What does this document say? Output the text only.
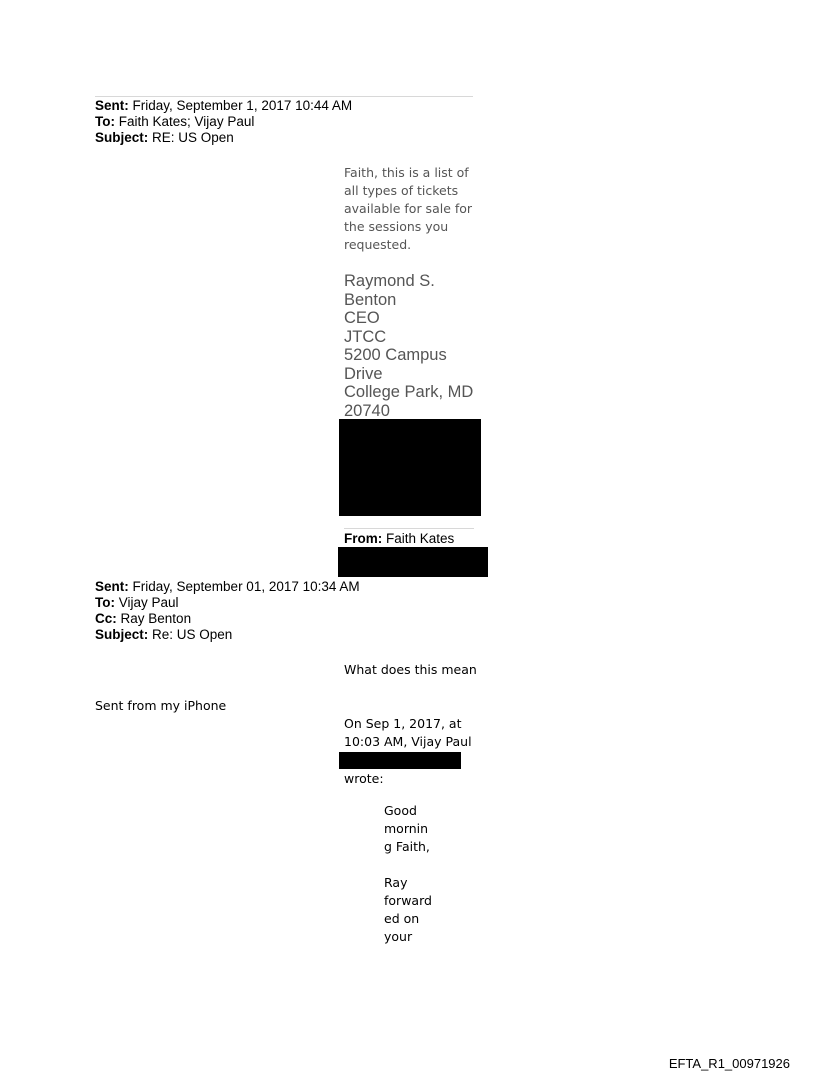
Sent: Friday, September 1, 2017 10:44 AM
To: Faith Kates; Vijay Paul
Subject: RE: US Open
Faith, this is a list of
all types of tickets
available for sale for
the sessions you
requested.
Raymond S.
Benton
CEO
JTCC
5200 Campus
Drive
College Park, MD
20740
From: Faith Kates
Sent: Friday, September 01, 2017 10:34 AM
To: Vijay Paul
Cc: Ray Benton
Subject: Re: US Open
What does this mean
Sent from my iPhone
On Sep 1, 2017, at
10:03 AM, Vijay Paul
wrote:
Good
mornin
g Faith,
Ray
forward
ed on
your
EFTA_R1_00971926
